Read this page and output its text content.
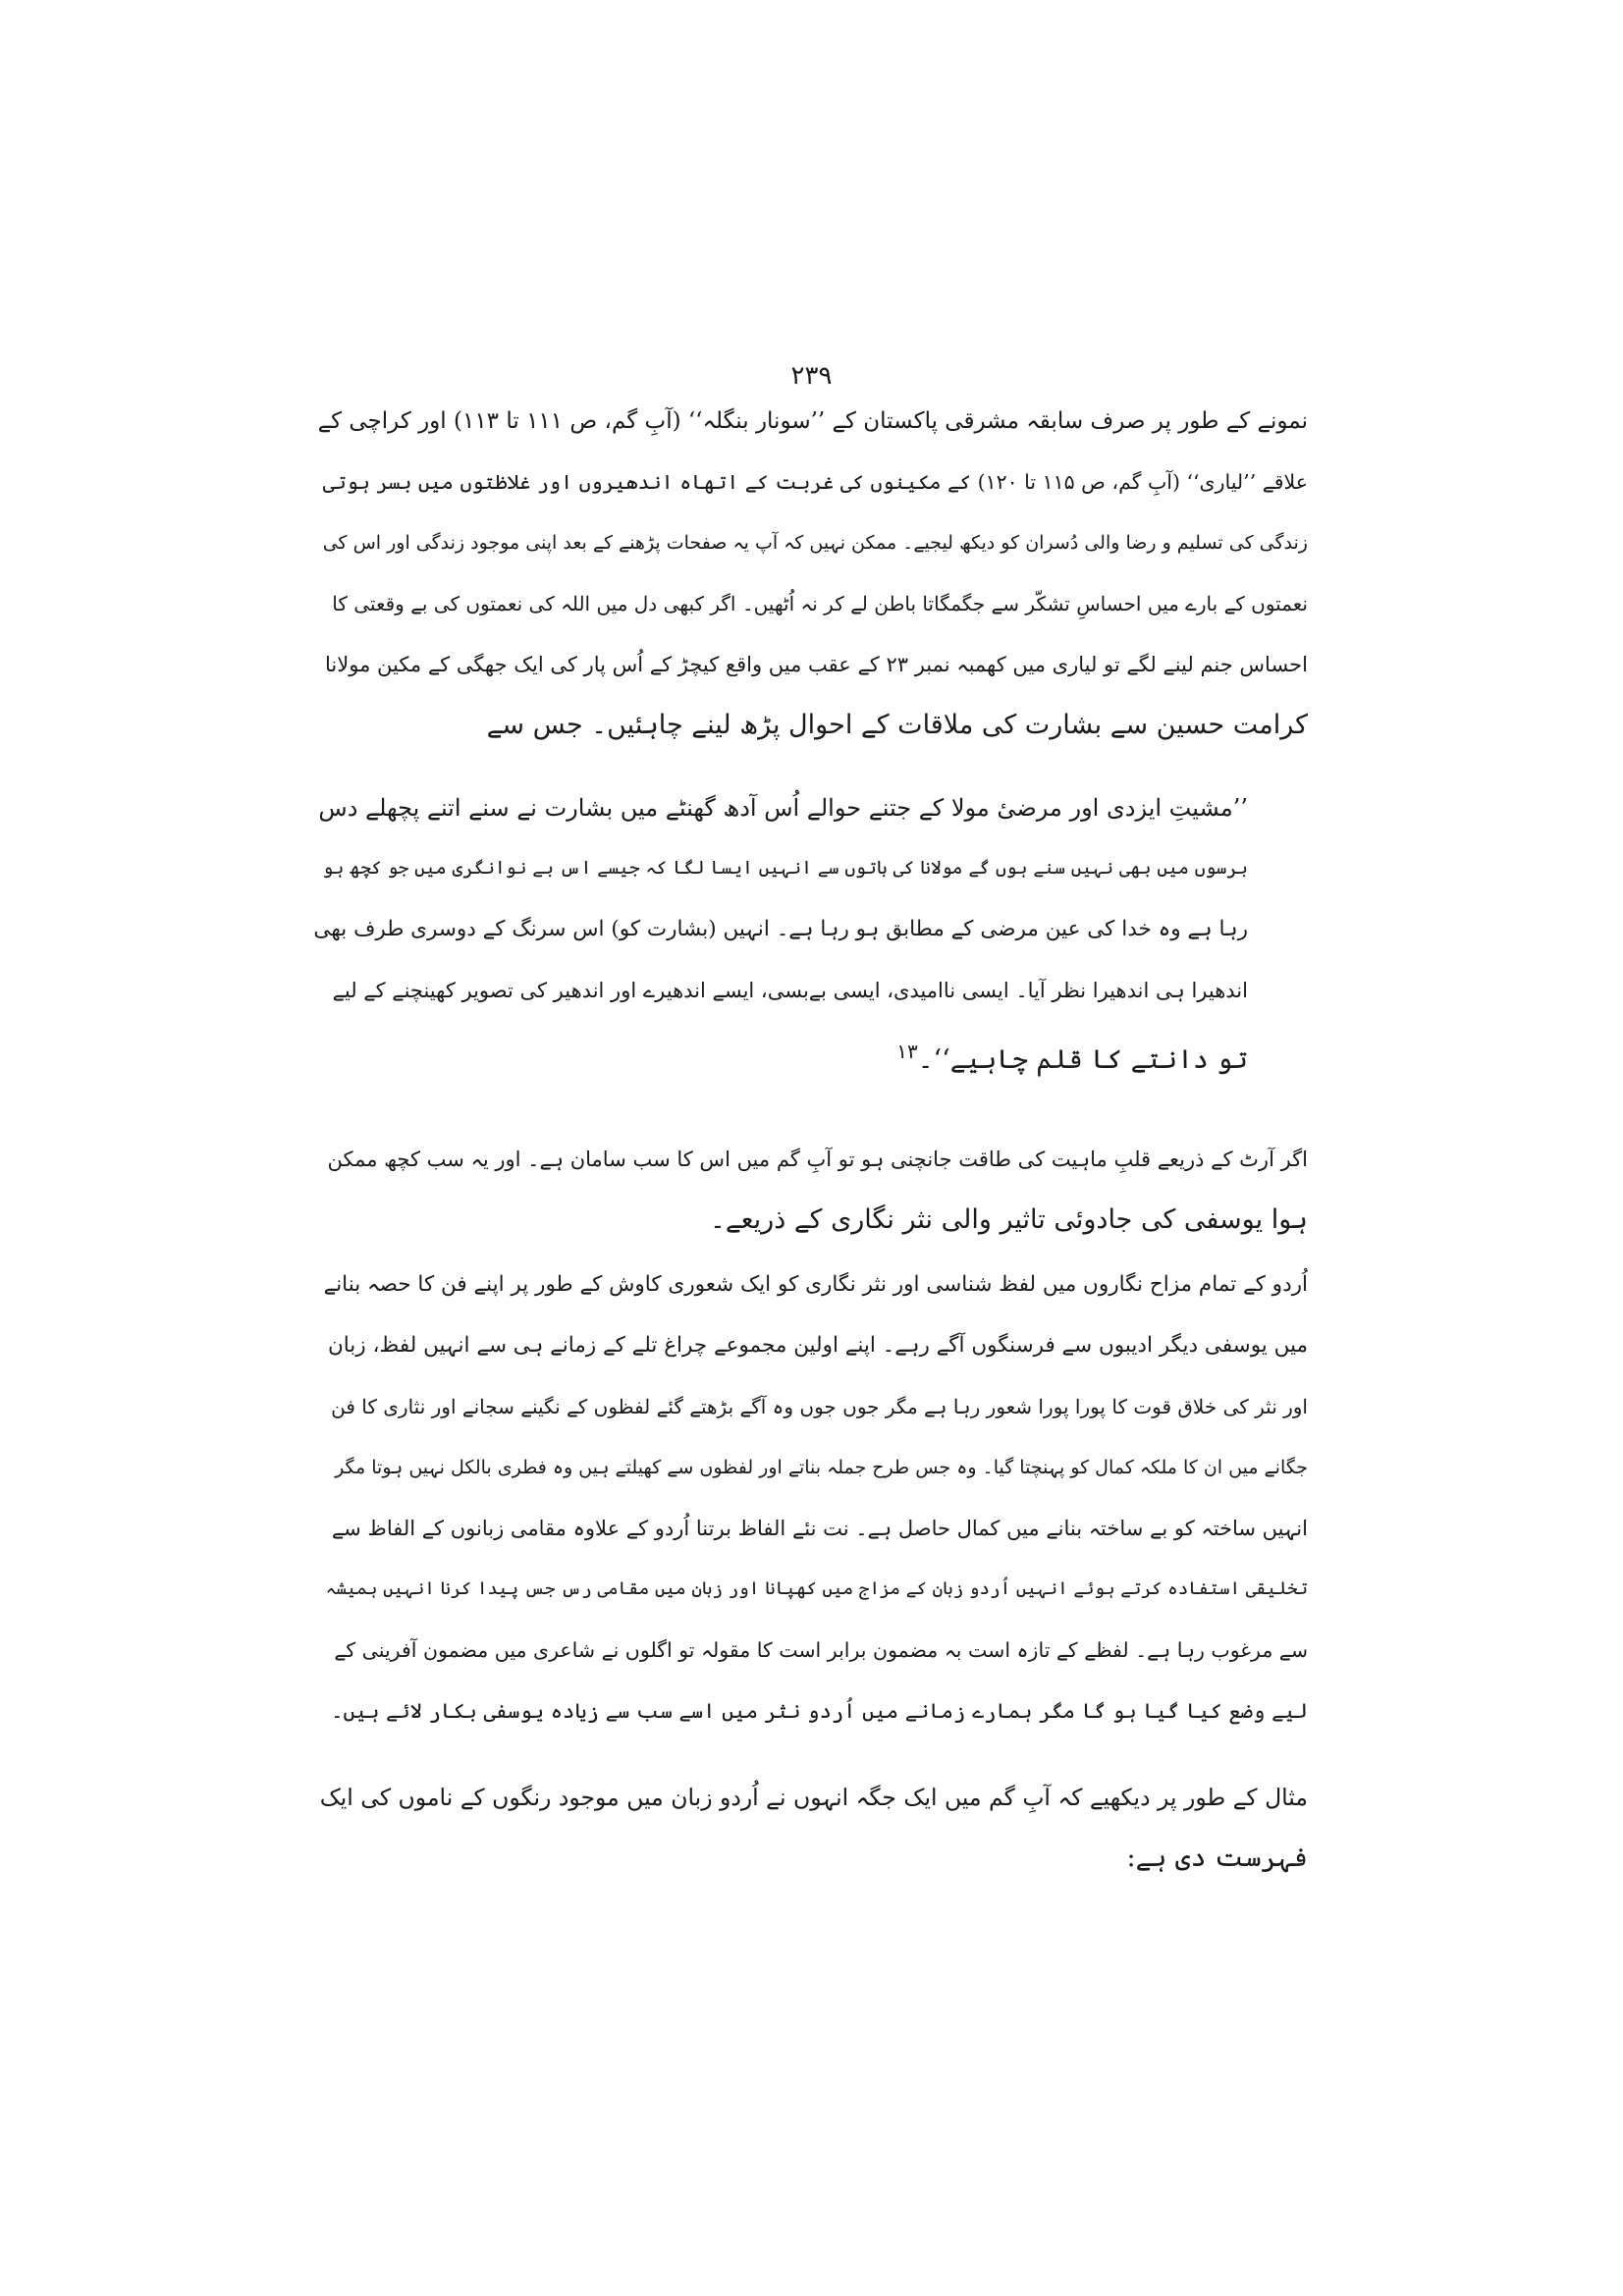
۲۳۹
نمونے کے طور پر صرف سابقہ مشرقی پاکستان کے ’’سونار بنگلہ‘‘ (آبِ گم، ص ۱۱۱ تا ۱۱۳) اور کراچی کے
علاقے ’’لیاری‘‘ (آبِ گم، ص ۱۱۵ تا ۱۲۰) کے مکینوں کی غربت کے اتھاہ اندھیروں اور غلاظتوں میں بسر ہوتی
زندگی کی تسلیم و رضا والی دُسران کو دیکھ لیجیے۔ ممکن نہیں کہ آپ یہ صفحات پڑھنے کے بعد اپنی موجود زندگی اور اس کی
نعمتوں کے بارے میں احساسِ تشکّر سے جگمگاتا باطن لے کر نہ اُٹھیں۔ اگر کبھی دل میں اللہ کی نعمتوں کی بے وقعتی کا
احساس جنم لینے لگے تو لیاری میں کھمبہ نمبر ۲۳ کے عقب میں واقع کیچڑ کے اُس پار کی ایک جھگی کے مکین مولانا
کرامت حسین سے بشارت کی ملاقات کے احوال پڑھ لینے چاہئیں۔ جس سے
’’مشیتِ ایزدی اور مرضیٔ مولا کے جتنے حوالے اُس آدھ گھنٹے میں بشارت نے سنے اتنے پچھلے دس
برسوں میں بھی نہیں سنے ہوں گے مولانا کی باتوں سے انہیں ایسا لگا کہ جیسے اس بے نوانگری میں جو کچھ ہو
رہا ہے وہ خدا کی عین مرضی کے مطابق ہو رہا ہے۔ انہیں (بشارت کو) اس سرنگ کے دوسری طرف بھی
اندھیرا ہی اندھیرا نظر آیا۔ ایسی ناامیدی، ایسی بےبسی، ایسے اندھیرے اور اندھیر کی تصویر کھینچنے کے لیے
تو دانتے کا قلم چاہیے‘‘۔$^{۱۳}$
اگر آرٹ کے ذریعے قلبِ ماہیت کی طاقت جانچنی ہو تو آبِ گم میں اس کا سب سامان ہے۔ اور یہ سب کچھ ممکن
ہوا یوسفی کی جادوئی تاثیر والی نثر نگاری کے ذریعے۔
اُردو کے تمام مزاح نگاروں میں لفظ شناسی اور نثر نگاری کو ایک شعوری کاوش کے طور پر اپنے فن کا حصہ بنانے
میں یوسفی دیگر ادیبوں سے فرسنگوں آگے رہے۔ اپنے اولین مجموعے چراغ تلے کے زمانے ہی سے انہیں لفظ، زبان
اور نثر کی خلاق قوت کا پورا پورا شعور رہا ہے مگر جوں جوں وہ آگے بڑھتے گئے لفظوں کے نگینے سجانے اور نثاری کا فن
جگانے میں ان کا ملکہ کمال کو پہنچتا گیا۔ وہ جس طرح جملہ بناتے اور لفظوں سے کھیلتے ہیں وہ فطری بالکل نہیں ہوتا مگر
انہیں ساختہ کو بے ساختہ بنانے میں کمال حاصل ہے۔ نت نئے الفاظ برتنا اُردو کے علاوہ مقامی زبانوں کے الفاظ سے
تخلیقی استفادہ کرتے ہوئے انہیں اُردو زبان کے مزاج میں کھپانا اور زبان میں مقامی رس جس پیدا کرنا انہیں ہمیشہ
سے مرغوب رہا ہے۔ لفظے کے تازہ است بہ مضمون برابر است کا مقولہ تو اگلوں نے شاعری میں مضمون آفرینی کے
لیے وضع کیا گیا ہو گا مگر ہمارے زمانے میں اُردو نثر میں اسے سب سے زیادہ یوسفی بکار لائے ہیں۔
مثال کے طور پر دیکھیے کہ آبِ گم میں ایک جگہ انہوں نے اُردو زبان میں موجود رنگوں کے ناموں کی ایک
فہرست دی ہے:
